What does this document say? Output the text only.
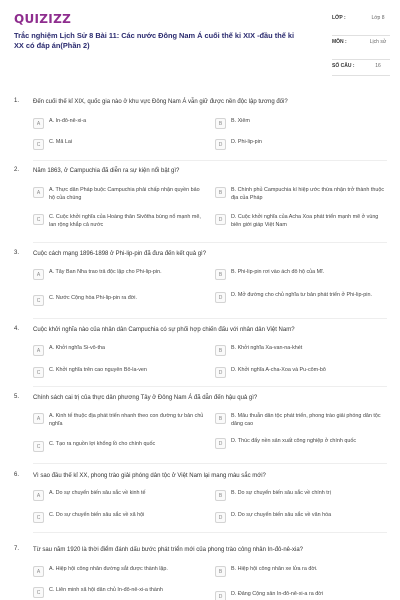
QUIZIZZ
Trắc nghiệm Lịch Sử 8 Bài 11: Các nước Đông Nam Á cuối thế kỉ XIX -đầu thế kỉ XX có đáp án(Phần 2)
LỚP :	Lớp 8
MÔN :	Lịch sử
SỐ CÂU :	16
1. Đến cuối thế kỉ XIX, quốc gia nào ở khu vực Đông Nam Á vẫn giữ được nền độc lập tương đối?
A	A. In-đô-nê-xi-a	B	B. Xiêm
C	C. Mã Lai	D	D. Phi-lip-pin
2. Năm 1863, ở Campuchia đã diễn ra sự kiện nổi bật gì?
A	A. Thực dân Pháp buộc Campuchia phải chấp nhận quyền bảo hộ của chúng
B	B. Chính phủ Campuchia kí hiệp ước thừa nhận trở thành thuộc địa của Pháp
C	C. Cuộc khởi nghĩa của Hoàng thân Sivôtha bùng nổ mạnh mẽ, lan rộng khắp cả nước
D	D. Cuộc khởi nghĩa của Acha Xoa phát triển mạnh mẽ ở vùng biên giới giáp Việt Nam
3. Cuộc cách mạng 1896-1898 ở Phi-lip-pin đã đưa đến kết quả gì?
A	A. Tây Ban Nha trao trả độc lập cho Phi-lip-pin.	B	B. Phi-lip-pin rơi vào ách đô hộ của Mĩ.
C	C. Nước Cộng hòa Phi-lip-pin ra đời.	D	D. Mở đường cho chủ nghĩa tư bản phát triển ở Phi-lip-pin.
4. Cuộc khởi nghĩa nào của nhân dân Campuchia có sự phối hợp chiến đấu với nhân dân Việt Nam?
A	A. Khởi nghĩa Si-vô-tha	B	B. Khởi nghĩa Xa-van-na-khét
C	C. Khởi nghĩa trên cao nguyên Bô-la-ven	D	D. Khởi nghĩa A-cha-Xoa và Pu-côm-bô
5. Chính sách cai trị của thực dân phương Tây ở Đông Nam Á đã dẫn đến hậu quả gì?
A	A. Kinh tế thuộc địa phát triển nhanh theo con đường tư bản chủ nghĩa
B	B. Mâu thuẫn dân tộc phát triển, phong trào giải phóng dân tộc dâng cao
C	C. Tạo ra nguồn lợi khổng lồ cho chính quốc	D	D. Thúc đẩy nền sản xuất công nghiệp ở chính quốc
6. Vì sao đầu thế kỉ XX, phong trào giải phóng dân tộc ở Việt Nam lại mang màu sắc mới?
A	A. Do sự chuyển biến sâu sắc về kinh tế	B	B. Do sự chuyển biến sâu sắc về chính trị
C	C. Do sự chuyển biến sâu sắc về xã hội	D	D. Do sự chuyển biến sâu sắc về văn hóa
7. Từ sau năm 1920 là thời điểm đánh dấu bước phát triển mới của phong trào công nhân In-đô-nê-xia?
A	A. Hiệp hội công nhân đường sắt được thành lập.	B	B. Hiệp hội công nhân xe lửa ra đời.
C	C. Liên minh xã hội dân chủ In-đô-nê-xi-a thành
D	D. Đảng Cộng sản In-đô-nê-xi-a ra đời
